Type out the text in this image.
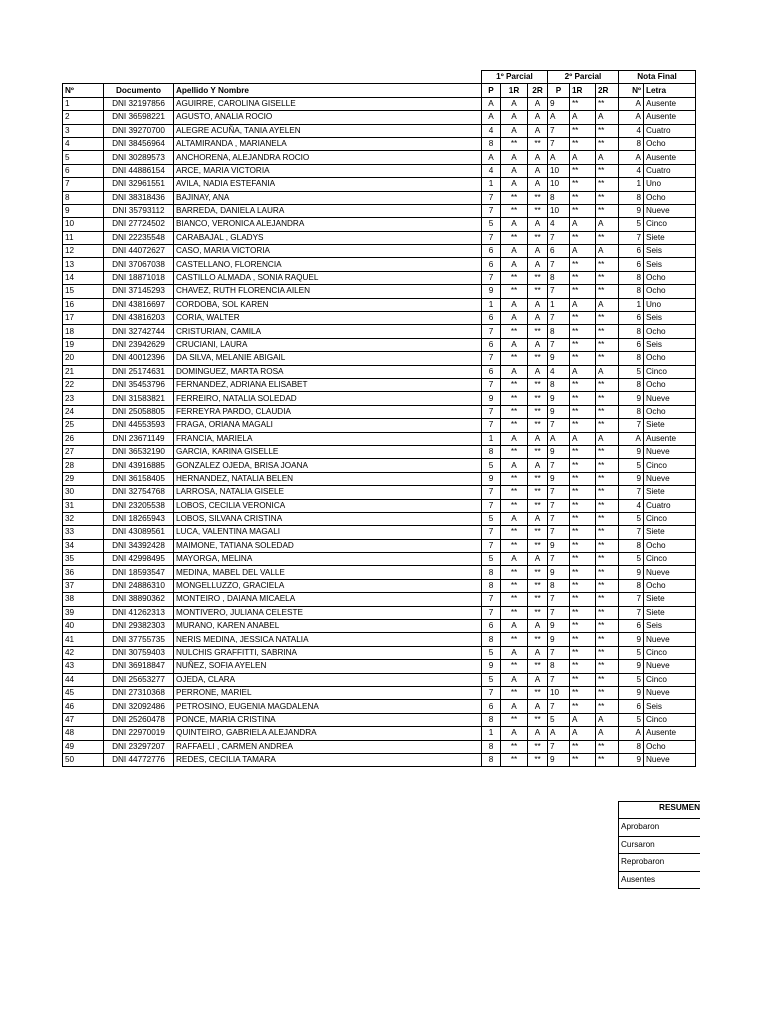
			1º Parcial			2º Parcial			Nota Final	
Nº	Documento	Apellido Y Nombre	P	1R	2R	P	1R	2R	Nº	Letra
1	DNI 32197856	AGUIRRE, CAROLINA GISELLE	A	A	A	9	**	**	A	Ausente
2	DNI 36598221	AGUSTO, ANALIA ROCIO	A	A	A	A	A	A	A	Ausente
3	DNI 39270700	ALEGRE ACUÑA, TANIA AYELEN	4	A	A	7	**	**	4	Cuatro
4	DNI 38456964	ALTAMIRANDA , MARIANELA	8	**	**	7	**	**	8	Ocho
5	DNI 30289573	ANCHORENA, ALEJANDRA ROCIO	A	A	A	A	A	A	A	Ausente
6	DNI 44886154	ARCE, MARIA VICTORIA	4	A	A	10	**	**	4	Cuatro
7	DNI 32961551	AVILA, NADIA ESTEFANIA	1	A	A	10	**	**	1	Uno
8	DNI 38318436	BAJINAY, ANA	7	**	**	8	**	**	8	Ocho
9	DNI 35793112	BARREDA, DANIELA LAURA	7	**	**	10	**	**	9	Nueve
10	DNI 27724502	BIANCO, VERONICA ALEJANDRA	5	A	A	4	A	A	5	Cinco
11	DNI 22235548	CARABAJAL , GLADYS	7	**	**	7	**	**	7	Siete
12	DNI 44072627	CASO, MARIA VICTORIA	6	A	A	6	A	A	6	Seis
13	DNI 37067038	CASTELLANO, FLORENCIA	6	A	A	7	**	**	6	Seis
14	DNI 18871018	CASTILLO ALMADA , SONIA RAQUEL	7	**	**	8	**	**	8	Ocho
15	DNI 37145293	CHAVEZ, RUTH FLORENCIA AILEN	9	**	**	7	**	**	8	Ocho
16	DNI 43816697	CORDOBA, SOL KAREN	1	A	A	1	A	A	1	Uno
17	DNI 43816203	CORIA, WALTER	6	A	A	7	**	**	6	Seis
18	DNI 32742744	CRISTURIAN, CAMILA	7	**	**	8	**	**	8	Ocho
19	DNI 23942629	CRUCIANI, LAURA	6	A	A	7	**	**	6	Seis
20	DNI 40012396	DA SILVA, MELANIE ABIGAIL	7	**	**	9	**	**	8	Ocho
21	DNI 25174631	DOMINGUEZ, MARTA ROSA	6	A	A	4	A	A	5	Cinco
22	DNI 35453796	FERNANDEZ, ADRIANA ELISABET	7	**	**	8	**	**	8	Ocho
23	DNI 31583821	FERREIRO, NATALIA SOLEDAD	9	**	**	9	**	**	9	Nueve
24	DNI 25058805	FERREYRA PARDO, CLAUDIA	7	**	**	9	**	**	8	Ocho
25	DNI 44553593	FRAGA, ORIANA MAGALI	7	**	**	7	**	**	7	Siete
26	DNI 23671149	FRANCIA, MARIELA	1	A	A	A	A	A	A	Ausente
27	DNI 36532190	GARCIA, KARINA GISELLE	8	**	**	9	**	**	9	Nueve
28	DNI 43916885	GONZALEZ OJEDA, BRISA JOANA	5	A	A	7	**	**	5	Cinco
29	DNI 36158405	HERNANDEZ, NATALIA BELEN	9	**	**	9	**	**	9	Nueve
30	DNI 32754768	LARROSA, NATALIA GISELE	7	**	**	7	**	**	7	Siete
31	DNI 23205538	LOBOS, CECILIA VERONICA	7	**	**	7	**	**	4	Cuatro
32	DNI 18265943	LOBOS, SILVANA CRISTINA	5	A	A	7	**	**	5	Cinco
33	DNI 43089561	LUCA, VALENTINA MAGALI	7	**	**	7	**	**	7	Siete
34	DNI 34392428	MAIMONE, TATIANA SOLEDAD	7	**	**	9	**	**	8	Ocho
35	DNI 42998495	MAYORGA, MELINA	5	A	A	7	**	**	5	Cinco
36	DNI 18593547	MEDINA, MABEL DEL VALLE	8	**	**	9	**	**	9	Nueve
37	DNI 24886310	MONGELLUZZO, GRACIELA	8	**	**	8	**	**	8	Ocho
38	DNI 38890362	MONTEIRO , DAIANA MICAELA	7	**	**	7	**	**	7	Siete
39	DNI 41262313	MONTIVERO, JULIANA CELESTE	7	**	**	7	**	**	7	Siete
40	DNI 29382303	MURANO, KAREN ANABEL	6	A	A	9	**	**	6	Seis
41	DNI 37755735	NERIS MEDINA, JESSICA NATALIA	8	**	**	9	**	**	9	Nueve
42	DNI 30759403	NULCHIS GRAFFITTI, SABRINA	5	A	A	7	**	**	5	Cinco
43	DNI 36918847	NUÑEZ, SOFIA AYELEN	9	**	**	8	**	**	9	Nueve
44	DNI 25653277	OJEDA, CLARA	5	A	A	7	**	**	5	Cinco
45	DNI 27310368	PERRONE, MARIEL	7	**	**	10	**	**	9	Nueve
46	DNI 32092486	PETROSINO, EUGENIA MAGDALENA	6	A	A	7	**	**	6	Seis
47	DNI 25260478	PONCE, MARIA CRISTINA	8	**	**	5	A	A	5	Cinco
48	DNI 22970019	QUINTEIRO, GABRIELA ALEJANDRA	1	A	A	A	A	A	A	Ausente
49	DNI 23297207	RAFFAELI , CARMEN ANDREA	8	**	**	7	**	**	8	Ocho
50	DNI 44772776	REDES, CECILIA TAMARA	8	**	**	9	**	**	9	Nueve
RESUMEN
Aprobaron
Cursaron
Reprobaron
Ausentes
